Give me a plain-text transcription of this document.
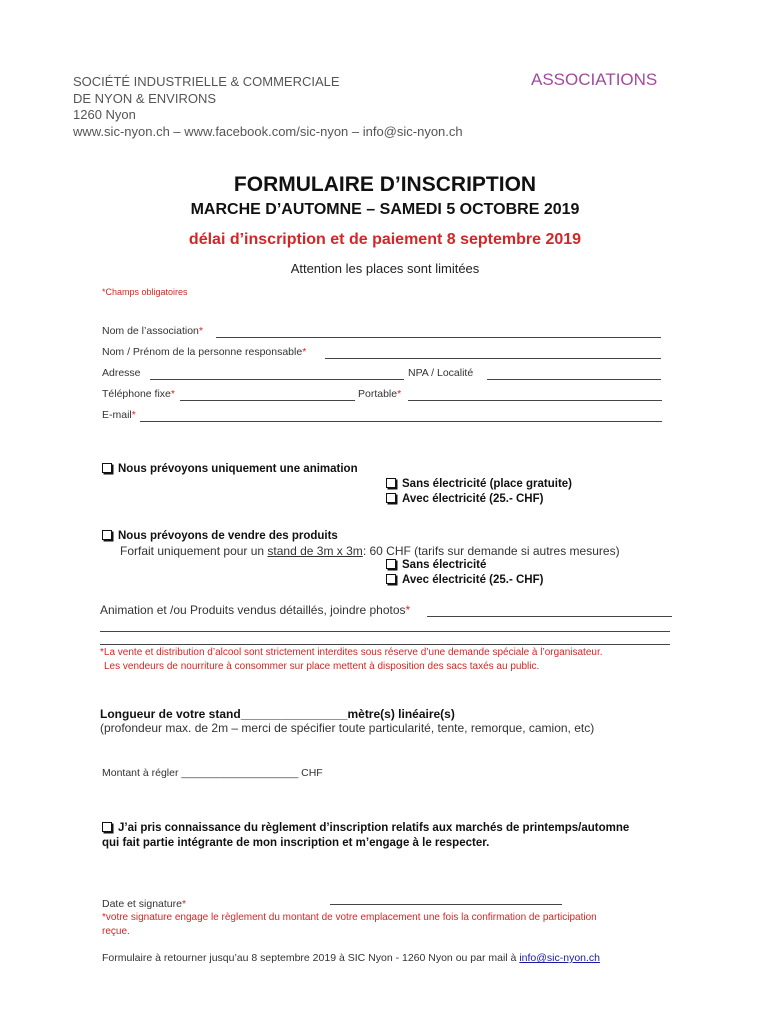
SOCIÉTÉ INDUSTRIELLE & COMMERCIALE
DE NYON & ENVIRONS
1260 Nyon
www.sic-nyon.ch – www.facebook.com/sic-nyon – info@sic-nyon.ch
ASSOCIATIONS
FORMULAIRE D’INSCRIPTION
MARCHE D’AUTOMNE – SAMEDI 5 OCTOBRE 2019
délai d’inscription et de paiement 8 septembre 2019
Attention les places sont limitées
*Champs obligatoires
Nom de l’association*
Nom / Prénom de la personne responsable*
Adresse	NPA / Localité
Téléphone fixe*	Portable*
E-mail*
Nous prévoyons uniquement une animation
Sans électricité (place gratuite)
Avec électricité (25.- CHF)
Nous prévoyons de vendre des produits
Forfait uniquement pour un stand de 3m x 3m: 60 CHF (tarifs sur demande si autres mesures)
Sans électricité
Avec électricité (25.- CHF)
Animation et /ou Produits vendus détaillés, joindre photos*
*La vente et distribution d’alcool sont strictement interdites sous réserve d’une demande spéciale à l’organisateur.
Les vendeurs de nourriture à consommer sur place mettent à disposition des sacs taxés au public.
Longueur de votre stand________________mètre(s) linéaire(s)
(profondeur max. de 2m – merci de spécifier toute particularité, tente, remorque, camion, etc)
Montant à régler ____________________ CHF
J’ai pris connaissance du règlement d’inscription relatifs aux marchés de printemps/automne
qui fait partie intégrante de mon inscription et m’engage à le respecter.
Date et signature*
*votre signature engage le règlement du montant de votre emplacement une fois la confirmation de participation
reçue.
Formulaire à retourner jusqu’au 8 septembre 2019 à SIC Nyon - 1260 Nyon ou par mail à info@sic-nyon.ch
